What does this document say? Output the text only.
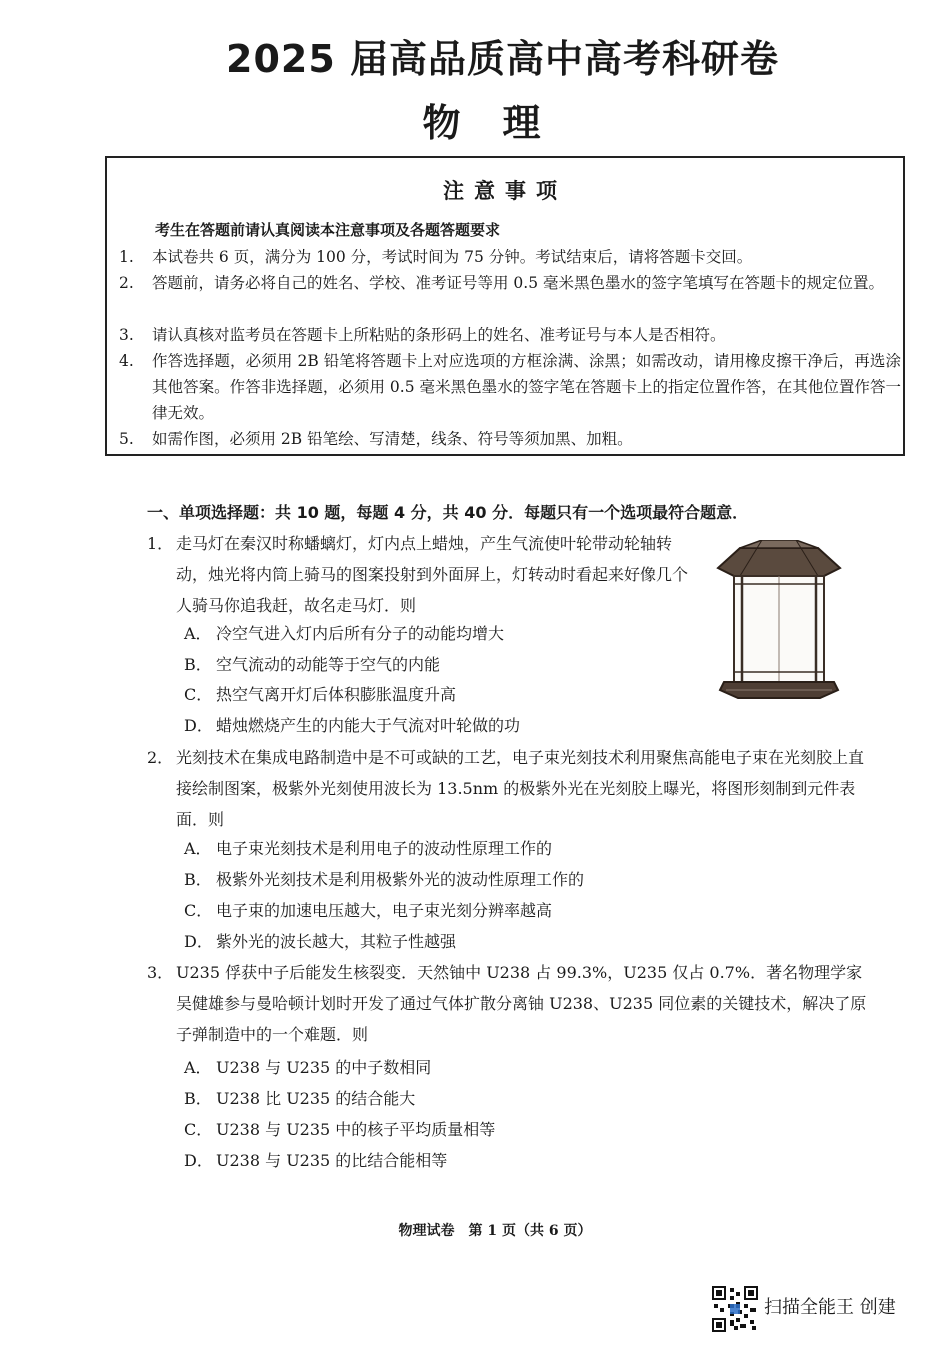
2025 届高品质高中高考科研卷
物理
注意事项
考生在答题前请认真阅读本注意事项及各题答题要求
1. 本试卷共 6 页，满分为 100 分，考试时间为 75 分钟。考试结束后，请将答题卡交回。
2. 答题前，请务必将自己的姓名、学校、准考证号等用 0.5 毫米黑色墨水的签字笔填写在答题卡的规定位置。
3. 请认真核对监考员在答题卡上所粘贴的条形码上的姓名、准考证号与本人是否相符。
4. 作答选择题，必须用 2B 铅笔将答题卡上对应选项的方框涂满、涂黑；如需改动，请用橡皮擦干净后，再选涂其他答案。作答非选择题，必须用 0.5 毫米黑色墨水的签字笔在答题卡上的指定位置作答，在其他位置作答一律无效。
5. 如需作图，必须用 2B 铅笔绘、写清楚，线条、符号等须加黑、加粗。
一、单项选择题：共 10 题，每题 4 分，共 40 分．每题只有一个选项最符合题意．
1． 走马灯在秦汉时称蟠螭灯，灯内点上蜡烛，产生气流使叶轮带动轮轴转动，烛光将内筒上骑马的图案投射到外面屏上，灯转动时看起来好像几个人骑马你追我赶，故名走马灯．则
A． 冷空气进入灯内后所有分子的动能均增大
B． 空气流动的动能等于空气的内能
C． 热空气离开灯后体积膨胀温度升高
D． 蜡烛燃烧产生的内能大于气流对叶轮做的功
2． 光刻技术在集成电路制造中是不可或缺的工艺，电子束光刻技术利用聚焦高能电子束在光刻胶上直接绘制图案，极紫外光刻使用波长为 13.5nm 的极紫外光在光刻胶上曝光，将图形刻制到元件表面．则
A． 电子束光刻技术是利用电子的波动性原理工作的
B． 极紫外光刻技术是利用极紫外光的波动性原理工作的
C． 电子束的加速电压越大，电子束光刻分辨率越高
D． 紫外光的波长越大，其粒子性越强
3． U235 俘获中子后能发生核裂变．天然铀中 U238 占 99.3%，U235 仅占 0.7%．著名物理学家吴健雄参与曼哈顿计划时开发了通过气体扩散分离铀 U238、U235 同位素的关键技术，解决了原子弹制造中的一个难题．则
A． U238 与 U235 的中子数相同
B． U238 比 U235 的结合能大
C． U238 与 U235 中的核子平均质量相等
D． U238 与 U235 的比结合能相等
物理试卷　第 1 页（共 6 页）
扫描全能王 创建
